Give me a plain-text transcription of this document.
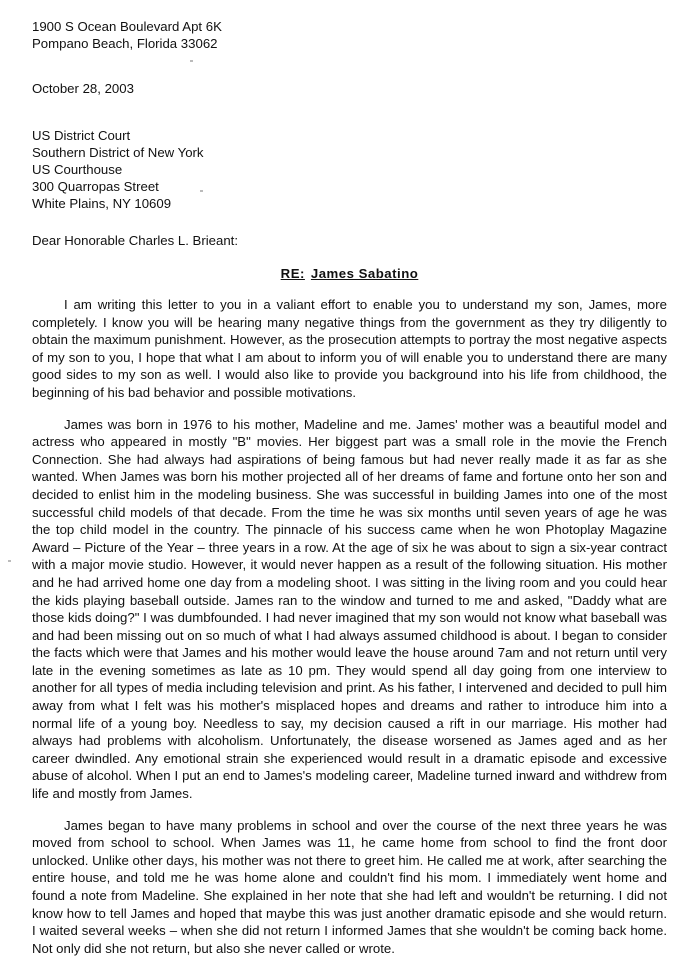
1900 S Ocean Boulevard Apt 6K
Pompano Beach, Florida 33062
October 28, 2003
US District Court
Southern District of New York
US Courthouse
300 Quarropas Street
White Plains, NY 10609
Dear Honorable Charles L. Brieant:
RE: James Sabatino

I am writing this letter to you in a valiant effort to enable you to understand my son, James, more completely. I know you will be hearing many negative things from the government as they try diligently to obtain the maximum punishment. However, as the prosecution attempts to portray the most negative aspects of my son to you, I hope that what I am about to inform you of will enable you to understand there are many good sides to my son as well. I would also like to provide you background into his life from childhood, the beginning of his bad behavior and possible motivations.

James was born in 1976 to his mother, Madeline and me. James' mother was a beautiful model and actress who appeared in mostly "B" movies. Her biggest part was a small role in the movie the French Connection. She had always had aspirations of being famous but had never really made it as far as she wanted. When James was born his mother projected all of her dreams of fame and fortune onto her son and decided to enlist him in the modeling business. She was successful in building James into one of the most successful child models of that decade. From the time he was six months until seven years of age he was the top child model in the country. The pinnacle of his success came when he won Photoplay Magazine Award – Picture of the Year – three years in a row. At the age of six he was about to sign a six-year contract with a major movie studio. However, it would never happen as a result of the following situation. His mother and he had arrived home one day from a modeling shoot. I was sitting in the living room and you could hear the kids playing baseball outside. James ran to the window and turned to me and asked, "Daddy what are those kids doing?" I was dumbfounded. I had never imagined that my son would not know what baseball was and had been missing out on so much of what I had always assumed childhood is about. I began to consider the facts which were that James and his mother would leave the house around 7am and not return until very late in the evening sometimes as late as 10 pm. They would spend all day going from one interview to another for all types of media including television and print. As his father, I intervened and decided to pull him away from what I felt was his mother's misplaced hopes and dreams and rather to introduce him into a normal life of a young boy. Needless to say, my decision caused a rift in our marriage. His mother had always had problems with alcoholism. Unfortunately, the disease worsened as James aged and as her career dwindled. Any emotional strain she experienced would result in a dramatic episode and excessive abuse of alcohol. When I put an end to James's modeling career, Madeline turned inward and withdrew from life and mostly from James.

James began to have many problems in school and over the course of the next three years he was moved from school to school. When James was 11, he came home from school to find the front door unlocked. Unlike other days, his mother was not there to greet him. He called me at work, after searching the entire house, and told me he was home alone and couldn't find his mom. I immediately went home and found a note from Madeline. She explained in her note that she had left and wouldn't be returning. I did not know how to tell James and hoped that maybe this was just another dramatic episode and she would return. I waited several weeks – when she did not return I informed James that she wouldn't be coming back home. Not only did she not return, but also she never called or wrote.
